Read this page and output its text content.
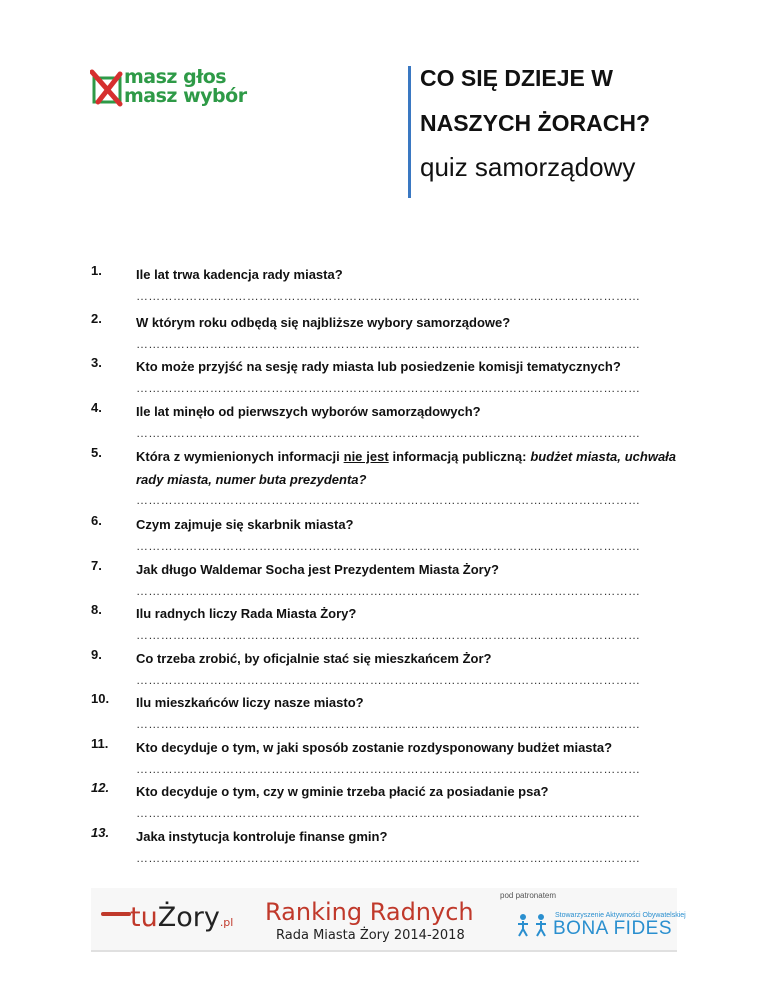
masz głos
masz wybór
CO SIĘ DZIEJE W
NASZYCH ŻORACH?
quiz samorządowy
1.	Ile lat trwa kadencja rady miasta?
……………………………………………………………………………………………………………
2.	W którym roku odbędą się najbliższe wybory samorządowe?
……………………………………………………………………………………………………………
3.	Kto może przyjść na sesję rady miasta lub posiedzenie komisji tematycznych?
……………………………………………………………………………………………………………
4.	Ile lat minęło od pierwszych wyborów samorządowych?
……………………………………………………………………………………………………………
5.	Która z wymienionych informacji nie jest informacją publiczną: budżet miasta, uchwała rady miasta, numer buta prezydenta?
……………………………………………………………………………………………………………
6.	Czym zajmuje się skarbnik miasta?
……………………………………………………………………………………………………………
7.	Jak długo Waldemar Socha jest Prezydentem Miasta Żory?
……………………………………………………………………………………………………………
8.	Ilu radnych liczy Rada Miasta Żory?
……………………………………………………………………………………………………………
9.	Co trzeba zrobić, by oficjalnie stać się mieszkańcem Żor?
……………………………………………………………………………………………………………
10. Ilu mieszkańców liczy nasze miasto?
……………………………………………………………………………………………………………
11. Kto decyduje o tym, w jaki sposób zostanie rozdysponowany budżet miasta?
……………………………………………………………………………………………………………
12. Kto decyduje o tym, czy w gminie trzeba płacić za posiadanie psa?
……………………………………………………………………………………………………………
13. Jaka instytucja kontroluje finanse gmin?
……………………………………………………………………………………………………………
tuŻory.pl Ranking Radnych
Rada Miasta Żory 2014-2018
pod patronatem
Stowarzyszenie Aktywności Obywatelskiej
BONA FIDES
